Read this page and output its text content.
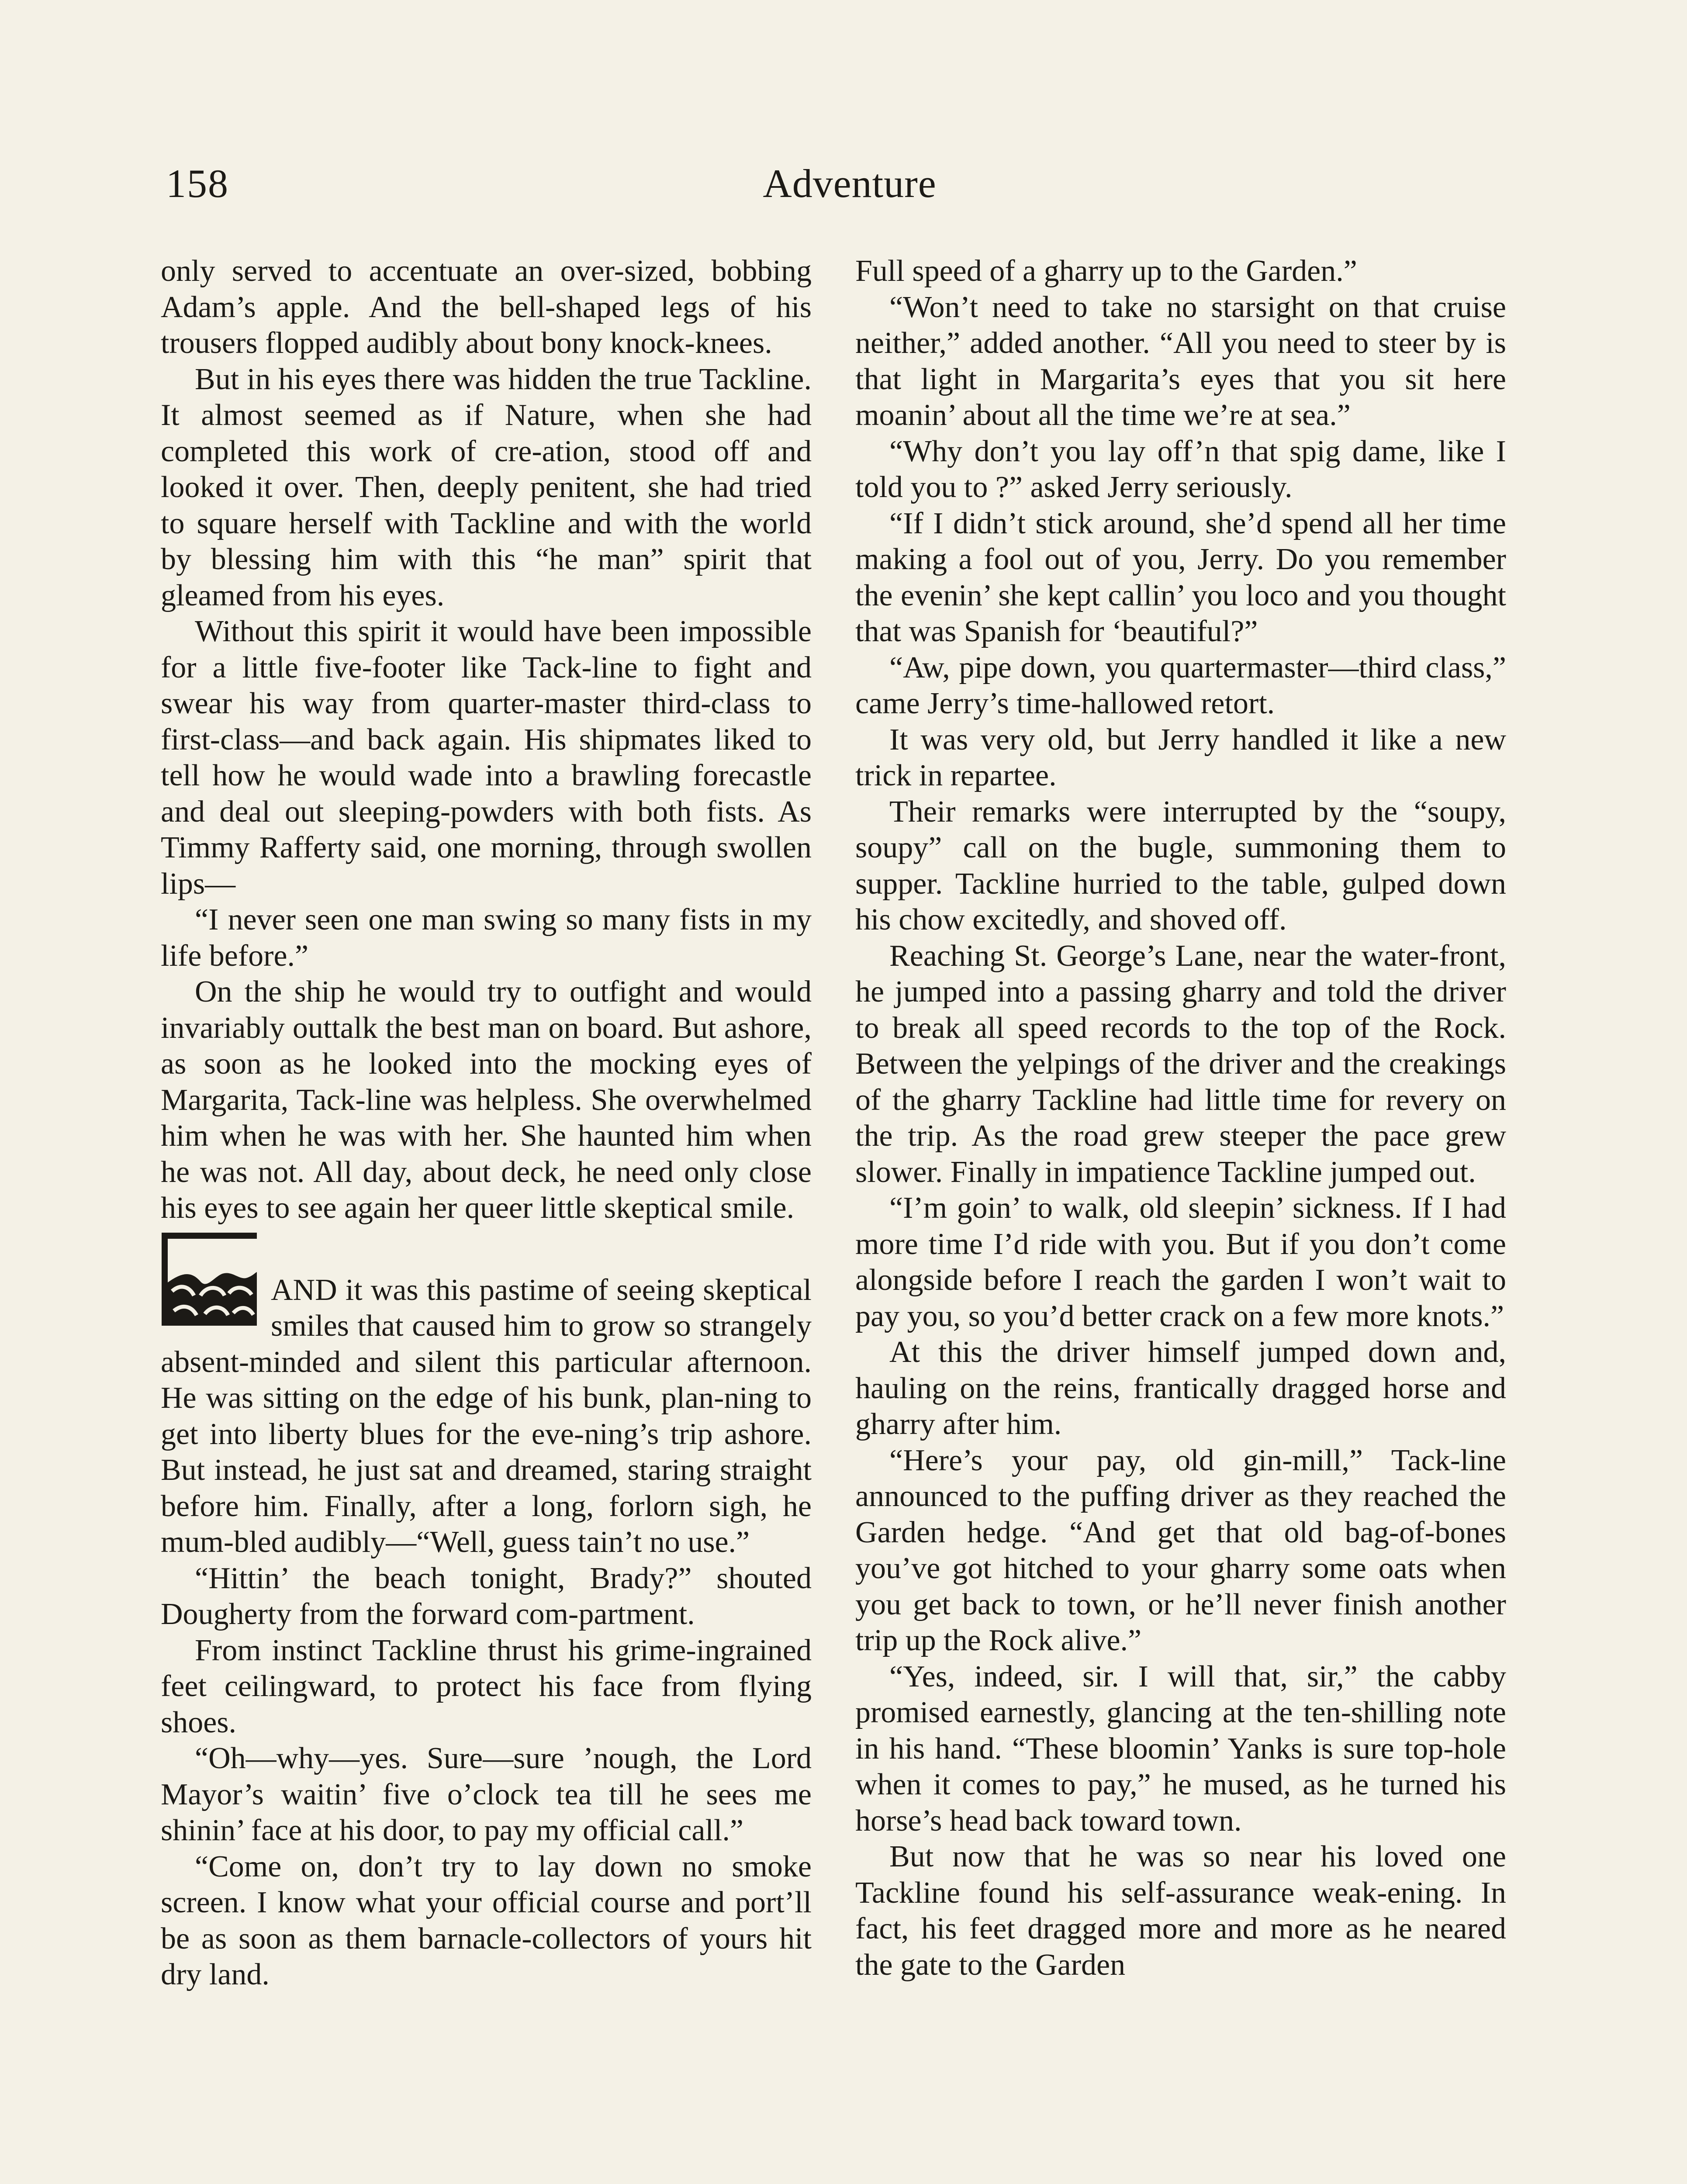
158	Adventure

only served to accentuate an over-sized, bobbing Adam’s apple. And the bell-shaped legs of his trousers flopped audibly about bony knock-knees.

But in his eyes there was hidden the true Tackline. It almost seemed as if Nature, when she had completed this work of cre-ation, stood off and looked it over. Then, deeply penitent, she had tried to square herself with Tackline and with the world by blessing him with this “he man” spirit that gleamed from his eyes.

Without this spirit it would have been impossible for a little five-footer like Tack-line to fight and swear his way from quarter-master third-class to first-class—and back again. His shipmates liked to tell how he would wade into a brawling forecastle and deal out sleeping-powders with both fists. As Timmy Rafferty said, one morning, through swollen lips—

“I never seen one man swing so many fists in my life before.”

On the ship he would try to outfight and would invariably outtalk the best man on board. But ashore, as soon as he looked into the mocking eyes of Margarita, Tack-line was helpless. She overwhelmed him when he was with her. She haunted him when he was not. All day, about deck, he need only close his eyes to see again her queer little skeptical smile.

AND it was this pastime of seeing skeptical smiles that caused him to grow so strangely absent-minded and silent this particular afternoon. He was sitting on the edge of his bunk, plan-ning to get into liberty blues for the eve-ning’s trip ashore. But instead, he just sat and dreamed, staring straight before him. Finally, after a long, forlorn sigh, he mum-bled audibly—“Well, guess tain’t no use.”

“Hittin’ the beach tonight, Brady?” shouted Dougherty from the forward com-partment.

From instinct Tackline thrust his grime-ingrained feet ceilingward, to protect his face from flying shoes.

“Oh—why—yes. Sure—sure ’nough, the Lord Mayor’s waitin’ five o’clock tea till he sees me shinin’ face at his door, to pay my official call.”

“Come on, don’t try to lay down no smoke screen. I know what your official course and port’ll be as soon as them barnacle-collectors of yours hit dry land.

Full speed of a gharry up to the Garden.”

“Won’t need to take no starsight on that cruise neither,” added another. “All you need to steer by is that light in Margarita’s eyes that you sit here moanin’ about all the time we’re at sea.”

“Why don’t you lay off’n that spig dame, like I told you to ?” asked Jerry seriously.

“If I didn’t stick around, she’d spend all her time making a fool out of you, Jerry. Do you remember the evenin’ she kept callin’ you loco and you thought that was Spanish for ‘beautiful?”

“Aw, pipe down, you quartermaster—third class,” came Jerry’s time-hallowed retort.

It was very old, but Jerry handled it like a new trick in repartee.

Their remarks were interrupted by the “soupy, soupy” call on the bugle, summoning them to supper. Tackline hurried to the table, gulped down his chow excitedly, and shoved off.

Reaching St. George’s Lane, near the water-front, he jumped into a passing gharry and told the driver to break all speed records to the top of the Rock. Between the yelpings of the driver and the creakings of the gharry Tackline had little time for revery on the trip. As the road grew steeper the pace grew slower. Finally in impatience Tackline jumped out.

“I’m goin’ to walk, old sleepin’ sickness. If I had more time I’d ride with you. But if you don’t come alongside before I reach the garden I won’t wait to pay you, so you’d better crack on a few more knots.”

At this the driver himself jumped down and, hauling on the reins, frantically dragged horse and gharry after him.

“Here’s your pay, old gin-mill,” Tack-line announced to the puffing driver as they reached the Garden hedge. “And get that old bag-of-bones you’ve got hitched to your gharry some oats when you get back to town, or he’ll never finish another trip up the Rock alive.”

“Yes, indeed, sir. I will that, sir,” the cabby promised earnestly, glancing at the ten-shilling note in his hand. “These bloomin’ Yanks is sure top-hole when it comes to pay,” he mused, as he turned his horse’s head back toward town.

But now that he was so near his loved one Tackline found his self-assurance weak-ening. In fact, his feet dragged more and more as he neared the gate to the Garden
